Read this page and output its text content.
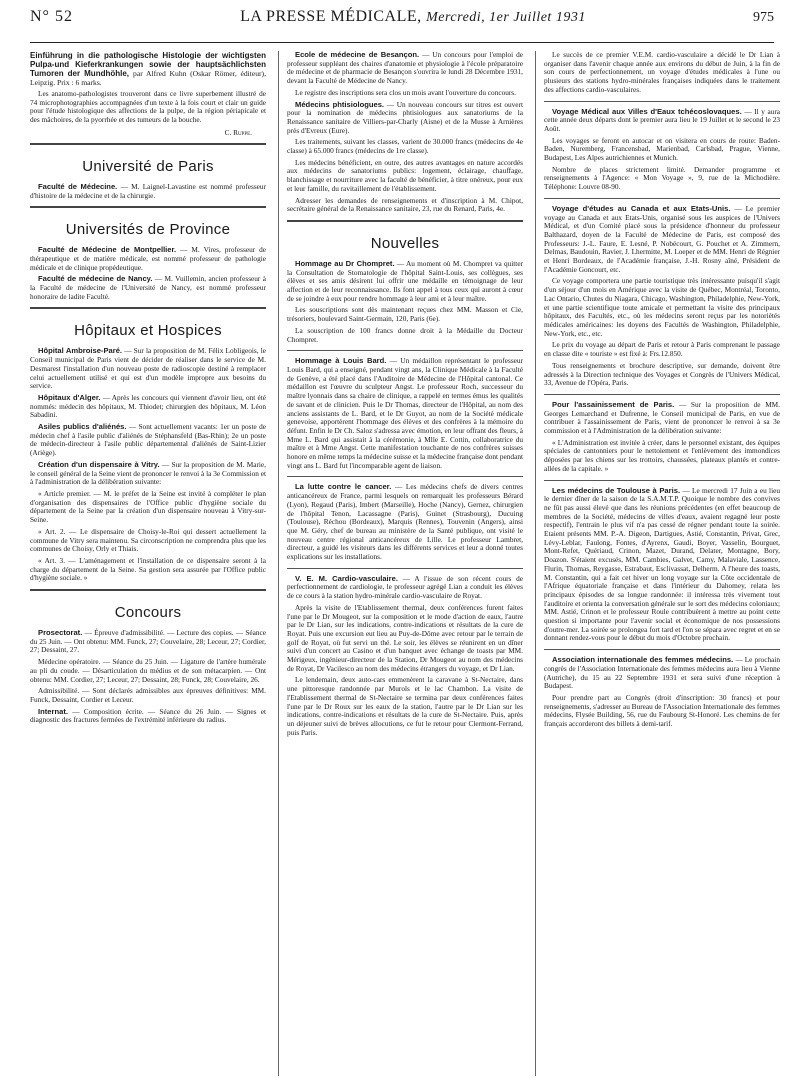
N° 52	LA PRESSE MÉDICALE, Mercredi, 1er Juillet 1931	975
Einführung in die pathologische Histologie der wichtigsten Pulpa-und Kieferkrankungen sowie der hauptsächlichsten Tumoren der Mundhöhle, par Alfred Kuhn (Oskar Römer, éditeur), Leipzig. Prix : 6 marks.

Les anatomo-pathologistes trouveront dans ce livre superbement illustré de 74 microphotographies accompagnées d'un texte à la fois court et clair un guide pour l'étude histologique des affections de la pulpe, de la région périapicale et des mâchoires, de la pyorrhée et des tumeurs de la bouche.

C. Ruppe.
Université de Paris

Faculté de Médecine. — M. Laignel-Lavastine est nommé professeur d'histoire de la médecine et de la chirurgie.

Universités de Province

Faculté de Médecine de Montpellier. — M. Vires, professeur de thérapeutique et de matière médicale, est nommé professeur de pathologie médicale et de clinique propédeutique.

Faculté de médecine de Nancy. — M. Vuillemin, ancien professeur à la Faculté de médecine de l'Université de Nancy, est nommé professeur honoraire de ladite Faculté.

Hôpitaux et Hospices

Hôpital Ambroise-Paré. — Sur la proposition de M. Félix Lobligeois, le Conseil municipal de Paris vient de décider de réaliser dans le service de M. Desmarest l'installation d'un nouveau poste de radioscopie destiné à remplacer celui actuellement utilisé et qui est d'un modèle impropre aux besoins du service.

Hôpitaux d'Alger. — Après les concours qui viennent d'avoir lieu, ont été nommés: médecin des hôpitaux, M. Thiodet; chirurgien des hôpitaux, M. Léon Sabadini.

Asiles publics d'aliénés. — Sont actuellement vacants: 1er un poste de médecin chef à l'asile public d'aliénés de Stéphansfeld (Bas-Rhin); 2e un poste de médecin-directeur à l'asile public départemental d'aliénés de Saint-Lizier (Ariège).

Création d'un dispensaire à Vitry. — Sur la proposition de M. Marie, le conseil général de la Seine vient de prononcer le renvoi à la 3e Commission et à l'administration de la délibération suivante:

« Article premier. — M. le préfet de la Seine est invité à compléter le plan d'organisation des dispensaires de l'Office public d'hygiène sociale du département de la Seine par la création d'un dispensaire nouveau à Vitry-sur-Seine.

« Art. 2. — Le dispensaire de Choisy-le-Roi qui dessert actuellement la commune de Vitry sera maintenu. Sa circonscription ne comprendra plus que les communes de Choisy, Orly et Thiais.

« Art. 3. — L'aménagement et l'installation de ce dispensaire seront à la charge du département de la Seine. Sa gestion sera assurée par l'Office public d'hygiène sociale. »

Concours

Prosectorat. — Épreuve d'admissibilité. — Lecture des copies. — Séance du 25 Juin. — Ont obtenu: MM. Funck, 27; Couvelaire, 28; Leceur, 27; Cordier, 27; Dessaint, 27.

Médecine opératoire. — Séance du 25 Juin. — Ligature de l'artère humérale au pli du coude. — Désarticulation du médius et de son métacarpien. — Ont obtenu: MM. Cordier, 27; Leceur, 27; Dessaint, 28; Funck, 28; Couvelaire, 26.

Admissibilité. — Sont déclarés admissibles aux épreuves définitives: MM. Funck, Dessaint, Cordier et Leceur.

Internat. — Composition écrite. — Séance du 26 Juin. — Signes et diagnostic des fractures fermées de l'extrémité inférieure du radius.

Ecole de médecine de Besançon. — Un concours pour l'emploi de professeur suppléant des chaires d'anatomie et physiologie à l'école préparatoire de médecine et de pharmacie de Besançon s'ouvrira le lundi 28 Décembre 1931, devant la Faculté de Médecine de Nancy.

Le registre des inscriptions sera clos un mois avant l'ouverture du concours.

Médecins phtisiologues. — Un nouveau concours sur titres est ouvert pour la nomination de médecins phtisiologues aux sanatoriums de la Renaissance sanitaire de Villiers-par-Charly (Aisne) et de la Musse à Arnières près d'Evreux (Eure).

Les traitements, suivant les classes, varient de 30.000 francs (médecins de 4e classe) à 65.000 francs (médecins de 1re classe).

Les médecins bénéficient, en outre, des autres avantages en nature accordés aux médecins de sanatoriums publics: logement, éclairage, chauffage, blanchissage et nourriture avec la faculté de bénéficier, à titre onéreux, pour eux et leur famille, du ravitaillement de l'établissement.

Adresser les demandes de renseignements et d'inscription à M. Chipot, secrétaire général de la Renaissance sanitaire, 23, rue du Renard, Paris, 4e.

Nouvelles

Hommage au Dr Chompret. — Au moment où M. Chompret va quitter la Consultation de Stomatologie de l'hôpital Saint-Louis, ses collègues, ses élèves et ses amis désirent lui offrir une médaille en témoignage de leur affection et de leur reconnaissance. Ils font appel à tous ceux qui auront à cœur de se joindre à eux pour rendre hommage à leur ami et à leur maître.

Les souscriptions sont dès maintenant reçues chez MM. Masson et Cie, trésoriers, boulevard Saint-Germain, 120, Paris (6e).

La souscription de 100 francs donne droit à la Médaille du Docteur Chompret.

Hommage à Louis Bard. — Un médaillon représentant le professeur Louis Bard, qui a enseigné, pendant vingt ans, la Clinique Médicale à la Faculté de Genève, a été placé dans l'Auditoire de Médecine de l'Hôpital cantonal. Ce médaillon est l'œuvre du sculpteur Angst. Le professeur Roch, successeur du maître lyonnais dans sa chaire de clinique, a rappelé en termes émus les qualités de savant et de clinicien. Puis le Dr Thomas, directeur de l'Hôpital, au nom des anciens assistants de L. Bard, et le Dr Guyot, au nom de la Société médicale genevoise, apportèrent l'hommage des élèves et des confrères à la mémoire du défunt. Enfin le Dr Ch. Saloz s'adressa avec émotion, en leur offrant des fleurs, à Mme L. Bard qui assistait à la cérémonie, à Mlle E. Cottin, collaboratrice du maître et à Mme Angst. Cette manifestation touchante de nos confrères suisses honore en même temps la médecine suisse et la médecine française dont pendant vingt ans L. Bard fut l'incomparable agent de liaison.

La lutte contre le cancer. — Les médecins chefs de divers centres anticancéreux de France, parmi lesquels on remarquait les professeurs Bérard (Lyon), Regaud (Paris), Imbert (Marseille), Hoche (Nancy), Gernez, chirurgien de l'hôpital Tenon, Lacassagne (Paris), Guinet (Strasbourg), Ducuing (Toulouse), Réchou (Bordeaux), Marquis (Rennes), Touvenin (Angers), ainsi que M. Géry, chef de bureau au ministère de la Santé publique, ont visité le nouveau centre régional anticancéreux de Lille. Le professeur Lambret, directeur, a guidé les visiteurs dans les différents services et leur a donné toutes explications sur les installations.

V. E. M. Cardio-vasculaire. — A l'issue de son récent cours de perfectionnement de cardiologie, le professeur agrégé Lian a conduit les élèves de ce cours à la station hydro-minérale cardio-vasculaire de Royat.

Après la visite de l'Etablissement thermal, deux conférences furent faites l'une par le Dr Mougeot, sur la composition et le mode d'action de eaux, l'autre par le Dr Lian, sur les indications, contre-indications et résultats de la cure de Royat. Puis une excursion eut lieu au Puy-de-Dôme avec retour par le terrain de golf de Royat, où fut servi un thé. Le soir, les élèves se réunirent en un dîner suivi d'un concert au Casino et d'un banquet avec échange de toasts par MM. Mérigeux, ingénieur-directeur de la Station, Dr Mougeot au nom des médecins de Royat, Dr Vacilesco au nom des médecins étrangers du voyage, et Dr Lian.

Le lendemain, deux auto-cars emmenèrent la caravane à St-Nectaire, dans une pittoresque randonnée par Murols et le lac Chambon. La visite de l'Etablissement thermal de St-Nectaire se termina par deux conférences faites l'une par le Dr Roux sur les eaux de la station, l'autre par le Dr Lian sur les indications, contre-indications et résultats de la cure de St-Nectaire. Puis, après un déjeuner suivi de brèves allocutions, ce fut le retour pour Clermont-Ferrand, puis Paris.

Le succès de ce premier V.E.M. cardio-vasculaire a décidé le Dr Lian à organiser dans l'avenir chaque année aux environs du début de Juin, à la fin de son cours de perfectionnement, un voyage d'études médicales à l'une ou plusieurs des stations hydro-minérales françaises indiquées dans le traitement des affections cardio-vasculaires.

Voyage Médical aux Villes d'Eaux tchécoslovaques. — Il y aura cette année deux départs dont le premier aura lieu le 19 Juillet et le second le 23 Août.

Les voyages se feront en autocar et on visitera en cours de route: Baden-Baden, Nuremberg, Francensbad, Marienbad, Carlsbad, Prague, Vienne, Budapest, Les Alpes autrichiennes et Munich.

Nombre de places strictement limité. Demander programme et renseignements à l'Agence: « Mon Voyage », 9, rue de la Michodière. Téléphone: Louvre 08-90.

Voyage d'études au Canada et aux Etats-Unis. — Le premier voyage au Canada et aux Etats-Unis, organisé sous les auspices de l'Univers Médical, et d'un Comité placé sous la présidence d'honneur du professeur Balthazard, doyen de la Faculté de Médecine de Paris, est composé des Professeurs: J.-L. Faure, E. Lesné, P. Nobécourt, G. Pouchet et A. Zimmern, Delmas, Baudouin, Ravier, J. Lhermitte, M. Loeper et de MM. Henri de Régnier et Henri Bordeaux, de l'Académie française, J.-H. Rosny aîné, Président de l'Académie Goncourt, etc.

Ce voyage comportera une partie touristique très intéressante puisqu'il s'agit d'un séjour d'un mois en Amérique avec la visite de Québec, Montréal, Toronto, Lac Ontario, Chutes du Niagara, Chicago, Washington, Philadelphie, New-York, et une partie scientifique toute amicale et permettant la visite des principaux hôpitaux, des Facultés, etc., où les médecins seront reçus par les notoriétés médicales américaines: les doyens des Facultés de Washington, Philadelphie, New-York, etc., etc.

Le prix du voyage au départ de Paris et retour à Paris comprenant le passage en classe dite « touriste » est fixé à: Frs.12.850.

Tous renseignements et brochure descriptive, sur demande, doivent être adressés à la Direction technique des Voyages et Congrès de l'Univers Médical, 33, Avenue de l'Opéra, Paris.

Pour l'assainissement de Paris. — Sur la proposition de MM. Georges Lemarchand et Dufrenne, le Conseil municipal de Paris, en vue de contribuer à l'assainissement de Paris, vient de prononcer le renvoi à sa 3e commission et à l'Administration de la délibération suivante:

« L'Administration est invitée à créer, dans le personnel existant, des équipes spéciales de cantonniers pour le nettoiement et l'enlèvement des immondices déposées par les chiens sur les trottoirs, chaussées, plateaux plantés et contre-allées de la capitale. »

Les médecins de Toulouse à Paris. — Le mercredi 17 Juin a eu lieu le dernier dîner de la saison de la S.A.M.T.P. Quoique le nombre des convives ne fût pas aussi élevé que dans les réunions précédentes (en effet beaucoup de membres de la Société, médecins de villes d'eaux, avaient regagné leur poste respectif), l'entrain le plus vif n'a pas cessé de régner pendant toute la soirée. Etaient présents MM. P.-A. Digeon, Dartigues, Astié, Constantin, Privat, Grec, Lévy-Leblar, Faulong, Fontes, d'Ayrenx, Gaudi, Boyer, Vasselin, Bourguet, Mont-Refet, Quériaud, Crinon, Mazet, Durand, Delater, Montagne, Bory, Doazon. S'étaient excusés, MM. Cambies, Galvet, Camy, Malaviale, Lassence, Flurin, Thomas, Reygasse, Estrabaut, Esclivassat, Delherm. A l'heure des toasts, M. Constantin, qui a fait cet hiver un long voyage sur la Côte occidentale de l'Afrique équatoriale française et dans l'intérieur du Dahomey, relata les principaux épisodes de sa longue randonnée: il intéressa très vivement tout l'auditoire et orienta la conversation générale sur le sort des médecins coloniaux; MM. Astié, Crinon et le professeur Roule contribuèrent à mettre au point cette question si importante pour l'avenir social et économique de nos possessions d'outre-mer. La soirée se prolongea fort tard et l'on se sépara avec regret et en se donnant rendez-vous pour le début du mois d'Octobre prochain.

Association internationale des femmes médecins. — Le prochain congrès de l'Association Internationale des femmes médecins aura lieu à Vienne (Autriche), du 15 au 22 Septembre 1931 et sera suivi d'une réception à Budapest.

Pour prendre part au Congrès (droit d'inscription: 30 francs) et pour renseignements, s'adresser au Bureau de l'Association Internationale des femmes médecins, Flysée Building, 56, rue du Faubourg St-Honoré. Les chemins de fer français accorderont des billets à demi-tarif.
